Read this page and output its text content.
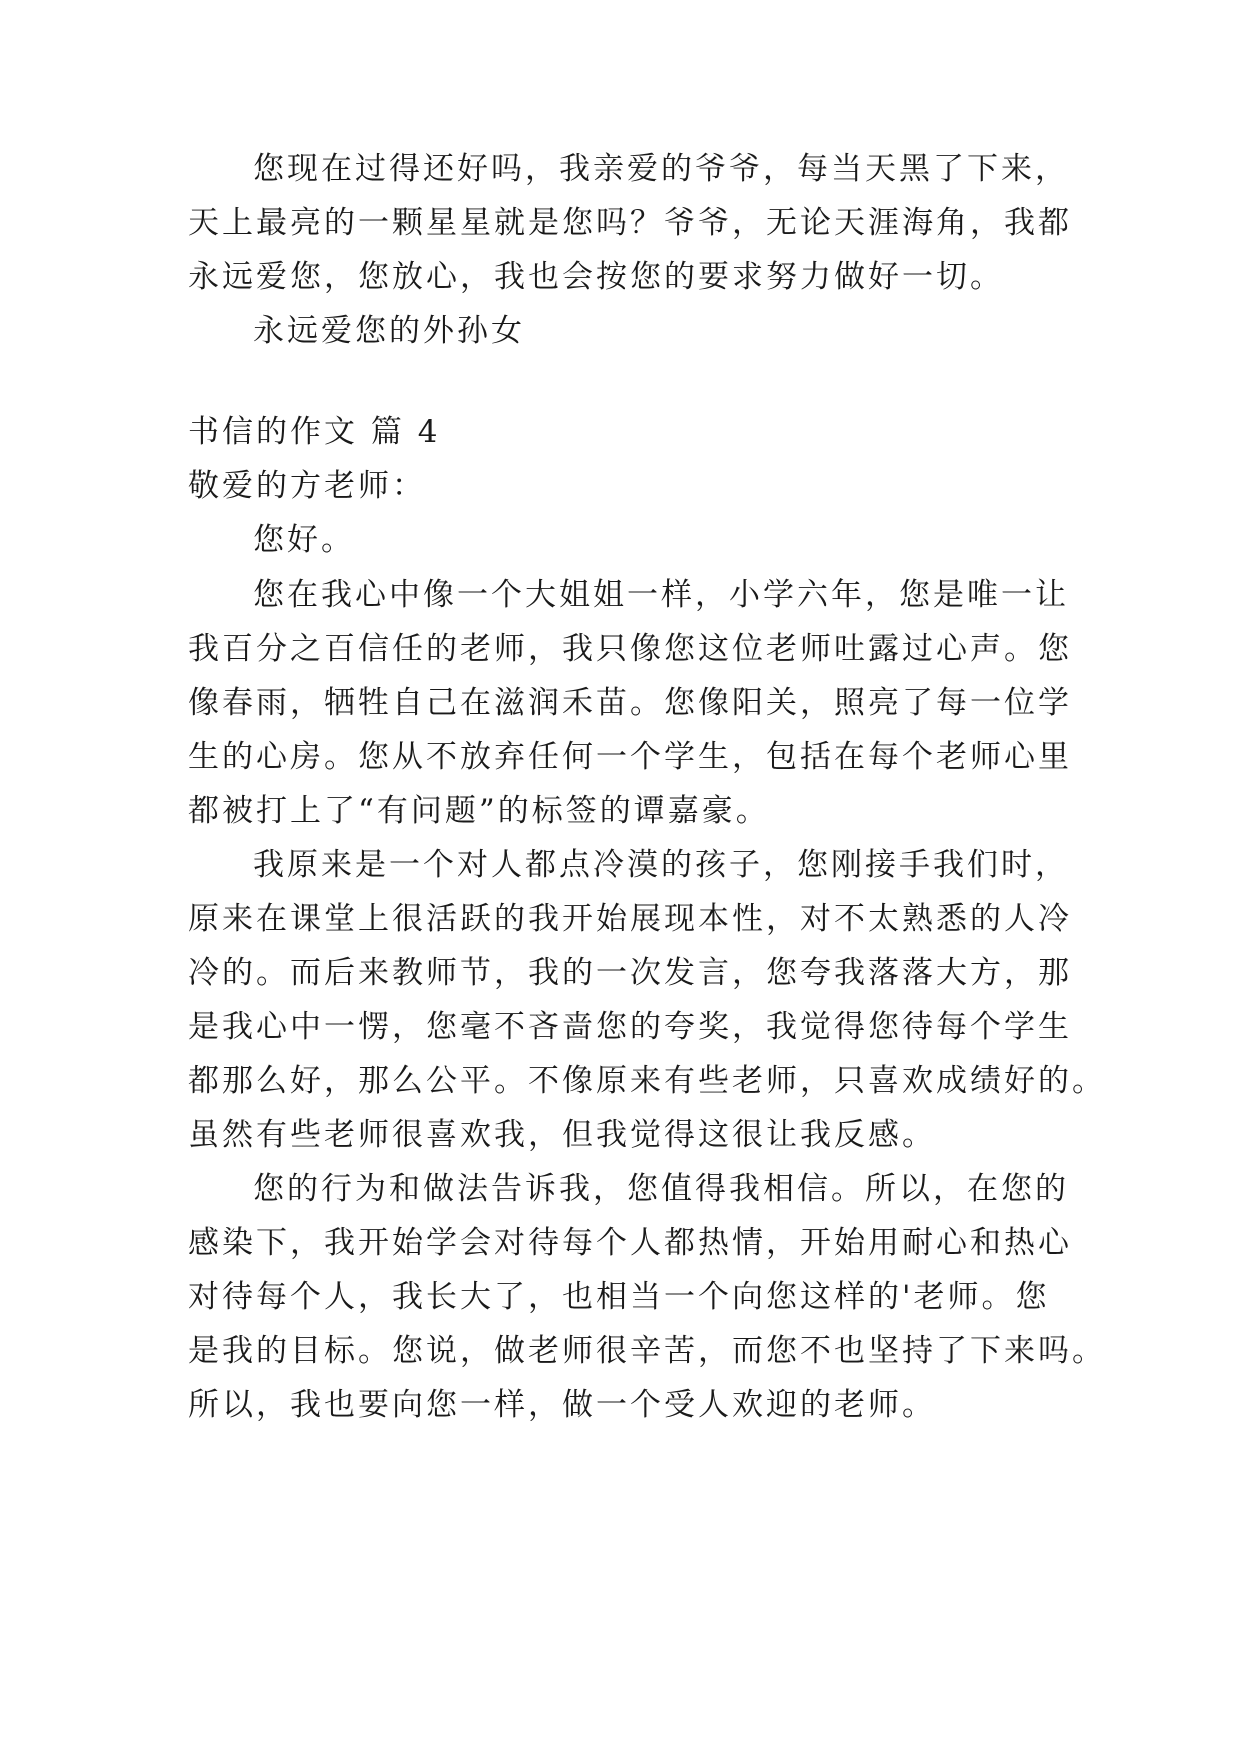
您现在过得还好吗，我亲爱的爷爷，每当天黑了下来，
天上最亮的一颗星星就是您吗？爷爷，无论天涯海角，我都
永远爱您，您放心，我也会按您的要求努力做好一切。
永远爱您的外孙女
书信的作文 篇 4
敬爱的方老师：
您好。
您在我心中像一个大姐姐一样，小学六年，您是唯一让
我百分之百信任的老师，我只像您这位老师吐露过心声。您
像春雨，牺牲自己在滋润禾苗。您像阳关，照亮了每一位学
生的心房。您从不放弃任何一个学生，包括在每个老师心里
都被打上了“有问题”的标签的谭嘉豪。
我原来是一个对人都点冷漠的孩子，您刚接手我们时，
原来在课堂上很活跃的我开始展现本性，对不太熟悉的人冷
冷的。而后来教师节，我的一次发言，您夸我落落大方，那
是我心中一愣，您毫不吝啬您的夸奖，我觉得您待每个学生
都那么好，那么公平。不像原来有些老师，只喜欢成绩好的。
虽然有些老师很喜欢我，但我觉得这很让我反感。
您的行为和做法告诉我，您值得我相信。所以，在您的
感染下，我开始学会对待每个人都热情，开始用耐心和热心
对待每个人，我长大了，也相当一个向您这样的'老师。您
是我的目标。您说，做老师很辛苦，而您不也坚持了下来吗。
所以，我也要向您一样，做一个受人欢迎的老师。
